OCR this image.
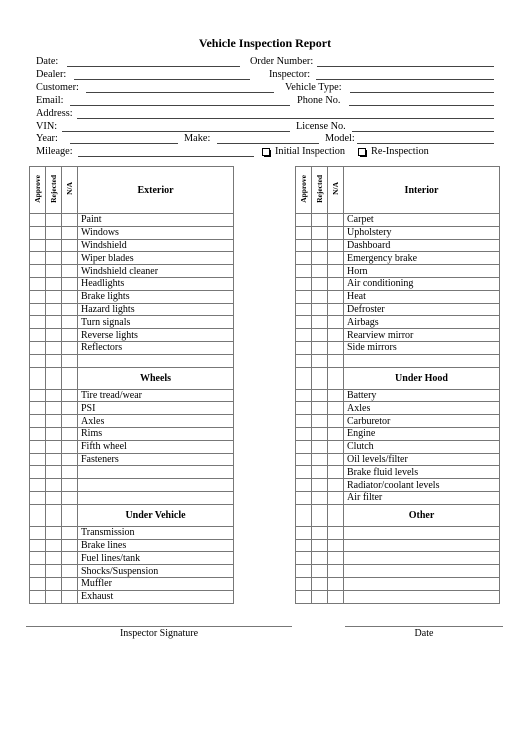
Vehicle Inspection Report
Date:	Order Number:
Dealer:	Inspector:
Customer:	Vehicle Type:
Email:	Phone No.
Address:
VIN:	License No.
Year:	Make:	Model:
Mileage:	Initial Inspection	Re-Inspection
Approve	Rejected	N/A	Exterior
			Paint
			Windows
			Windshield
			Wiper blades
			Windshield cleaner
			Headlights
			Brake lights
			Hazard lights
			Turn signals
			Reverse lights
			Reflectors

			Wheels
			Tire tread/wear
			PSI
			Axles
			Rims
			Fifth wheel
			Fasteners

			Under Vehicle
			Transmission
			Brake lines
			Fuel lines/tank
			Shocks/Suspension
			Muffler
			Exhaust
Approve	Rejected	N/A	Interior
			Carpet
			Upholstery
			Dashboard
			Emergency brake
			Horn
			Air conditioning
			Heat
			Defroster
			Airbags
			Rearview mirror
			Side mirrors

			Under Hood
			Battery
			Axles
			Carburetor
			Engine
			Clutch
			Oil levels/filter
			Brake fluid levels
			Radiator/coolant levels
			Air filter
			Other

Inspector Signature	Date
